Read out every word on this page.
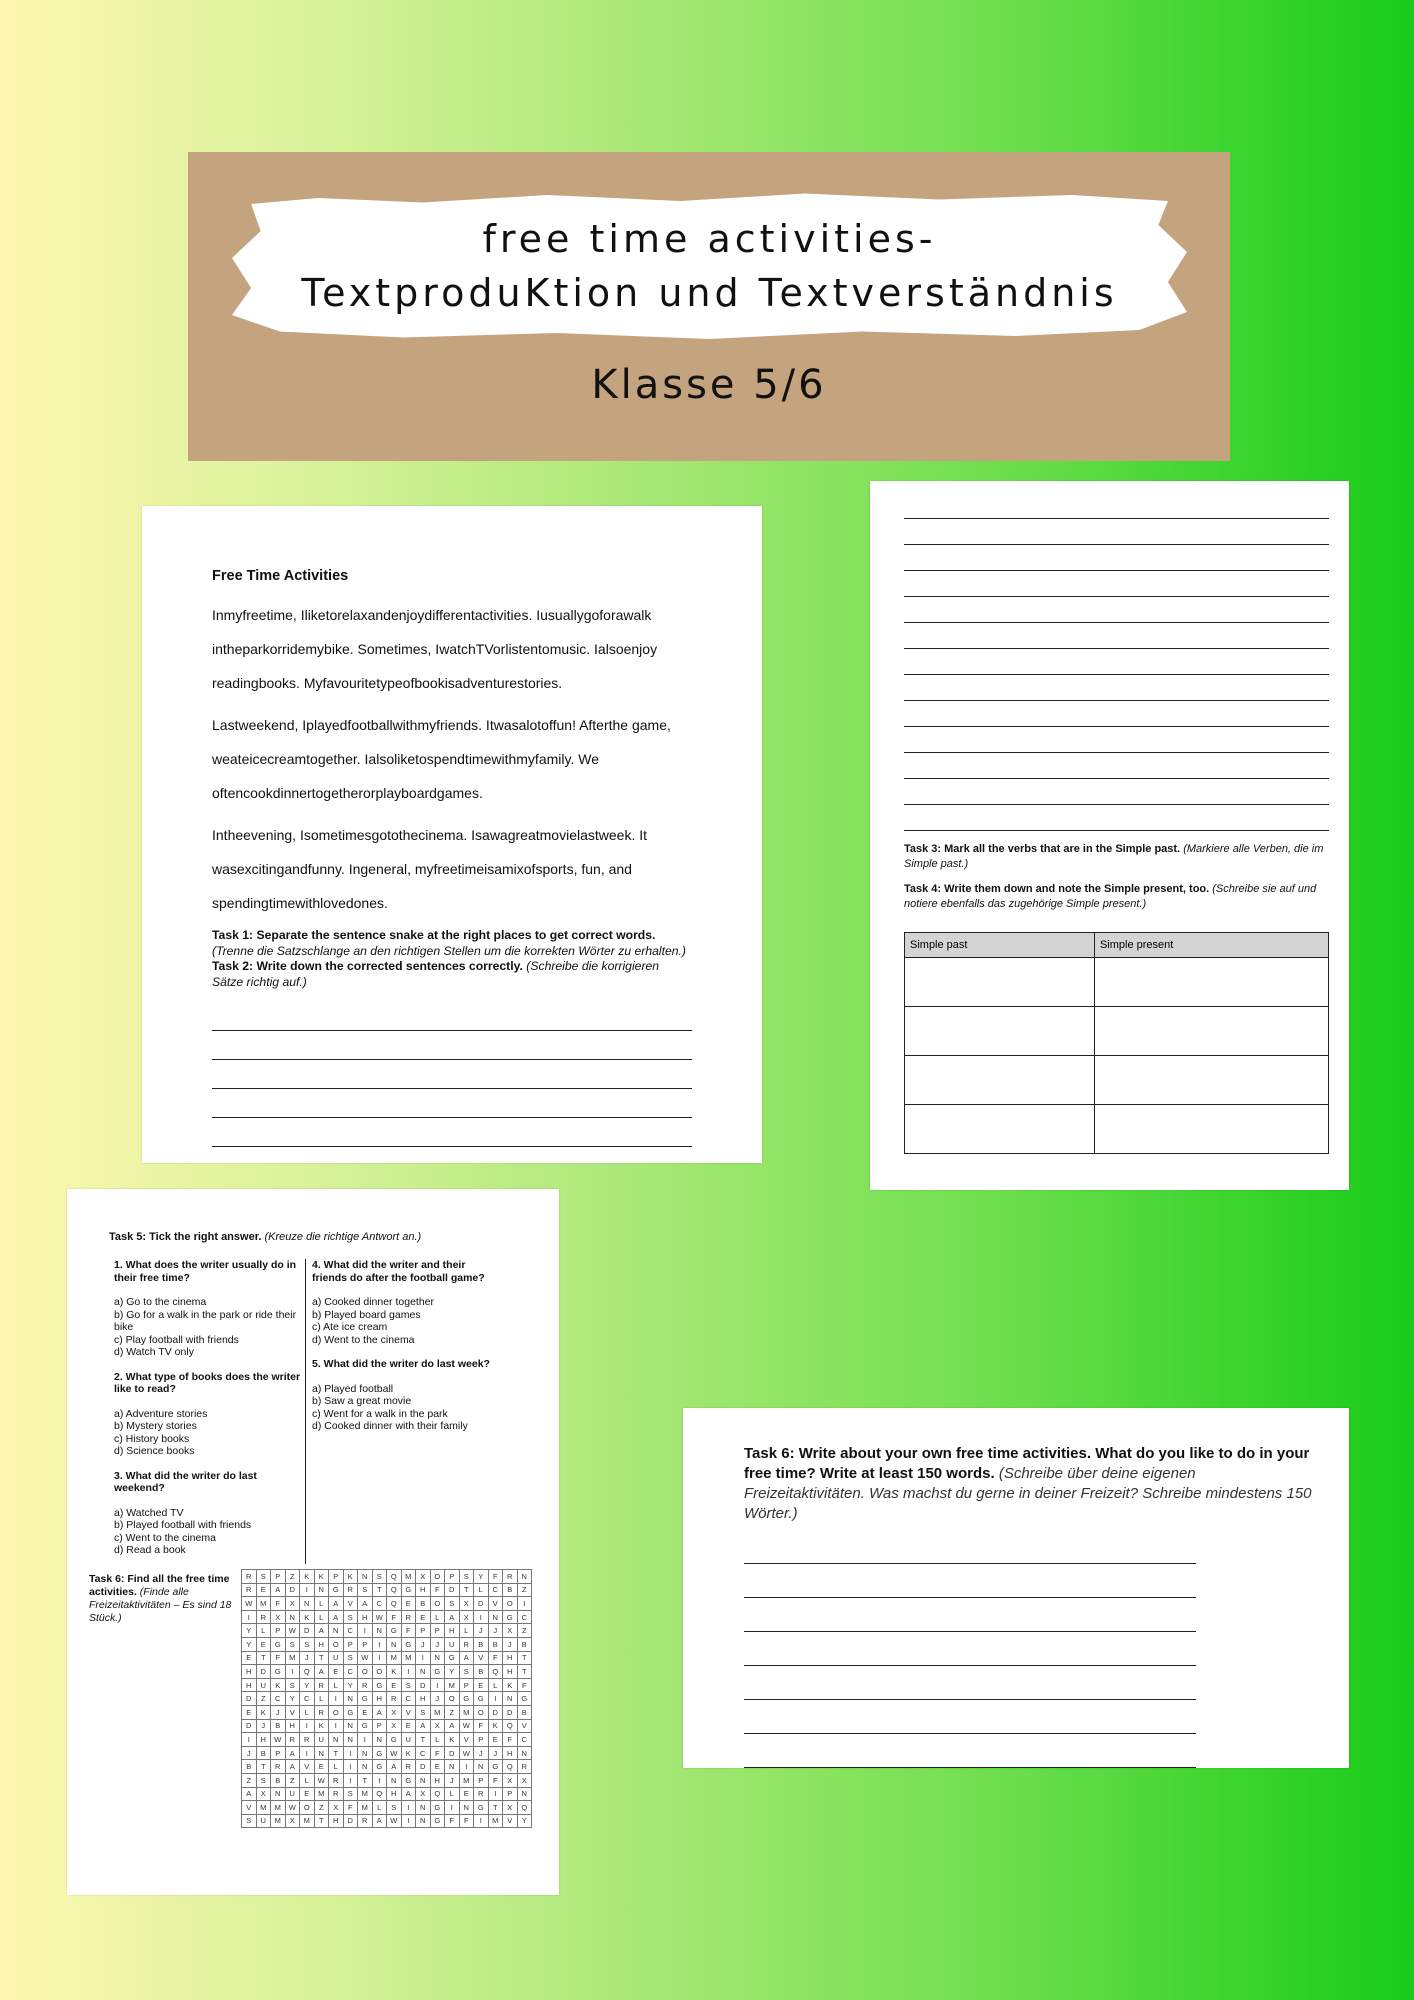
free time activities-
TextproduKtion und Textverständnis
Klasse 5/6
Free Time Activities

Inmyfreetime, Iliketorelaxandenjoydifferentactivities. Iusuallygoforawalk intheparkorridemybike. Sometimes, IwatchTVorlistentomusic. Ialsoenjoy readingbooks. Myfavouritetypeofbookisadventurestories.

Lastweekend, Iplayedfootballwithmyfriends. Itwasalotoffun! Afterthe game, weateicecreamtogether. Ialsoliketospendtimewithmyfamily. We oftencookdinnertogetherorplayboardgames.

Intheevening, Isometimesgotothecinema. Isawagreatmovielastweek. It wasexcitingandfunny. Ingeneral, myfreetimeisamixofsports, fun, and spendingtimewithlovedones.

Task 1: Separate the sentence snake at the right places to get correct words.(Trenne die Satzschlange an den richtigen Stellen um die korrekten Wörter zu erhalten.)

Task 2: Write down the corrected sentences correctly. (Schreibe die korrigieren Sätze richtig auf.)

Task 3: Mark all the verbs that are in the Simple past. (Markiere alle Verben, die im Simple past.)

Task 4: Write them down and note the Simple present, too. (Schreibe sie auf und notiere ebenfalls das zugehörige Simple present.)

Simple past	Simple present

Task 5: Tick the right answer. (Kreuze die richtige Antwort an.)
1. What does the writer usually do in their free time?
a) Go to the cinema
b) Go for a walk in the park or ride their bike
c) Play football with friends
d) Watch TV only
2. What type of books does the writer like to read?
a) Adventure stories
b) Mystery stories
c) History books
d) Science books
3. What did the writer do last weekend?
a) Watched TV
b) Played football with friends
c) Went to the cinema
d) Read a book
4. What did the writer and their friends do after the football game?
a) Cooked dinner together
b) Played board games
c) Ate ice cream
d) Went to the cinema
5. What did the writer do last week?
a) Played football
b) Saw a great movie
c) Went for a walk in the park
d) Cooked dinner with their family
Task 6: Find all the free time activities. (Finde alle Freizeitaktivitäten – Es sind 18 Stück.)
R	S	P	Z	K	K	P	K	N	S	Q	M	X	O	P	S	Y	F	R	N
R	E	A	D	I	N	G	R	S	T	Q	G	H	F	D	T	L	C	B	Z
W	M	F	X	N	L	A	V	A	C	Q	E	B	O	S	X	D	V	O	I
I	R	X	N	K	L	A	S	H	W	F	R	E	L	A	X	I	N	G	C
Y	L	P	W	D	A	N	C	I	N	G	F	P	P	H	L	J	J	X	Z
Y	E	G	S	S	H	O	P	P	I	N	G	J	J	U	R	B	B	J	B
E	T	F	M	J	T	U	S	W	I	M	M	I	N	G	A	V	F	H	T
H	D	G	I	Q	A	E	C	O	O	K	I	N	G	Y	S	B	Q	H	T
H	U	K	S	Y	R	L	Y	R	G	E	S	D	I	M	P	E	L	K	F
D	Z	C	Y	C	L	I	N	G	H	R	C	H	J	O	G	G	I	N	G
E	K	J	V	L	R	O	G	E	A	X	V	S	M	Z	M	O	D	D	B
D	J	B	H	I	K	I	N	G	P	X	E	A	X	A	W	F	K	Q	V
I	H	W	R	R	U	N	N	I	N	G	U	T	L	K	V	P	E	F	C
J	B	P	A	I	N	T	I	N	G	W	K	C	F	D	W	J	J	H	N
B	T	R	A	V	E	L	I	N	G	A	R	D	E	N	I	N	G	Q	R
Z	S	B	Z	L	W	R	I	T	I	N	G	N	H	J	M	P	F	X	X
A	X	N	U	E	M	R	S	M	Q	H	A	X	Q	L	E	R	I	P	N
V	M	M	W	O	Z	X	F	M	L	S	I	N	G	I	N	G	T	X	Q
S	U	M	X	M	T	H	D	R	A	W	I	N	G	F	F	I	M	V	Y
Task 6: Write about your own free time activities. What do you like to do in your free time? Write at least 150 words. (Schreibe über deine eigenen Freizeitaktivitäten. Was machst du gerne in deiner Freizeit? Schreibe mindestens 150 Wörter.)
